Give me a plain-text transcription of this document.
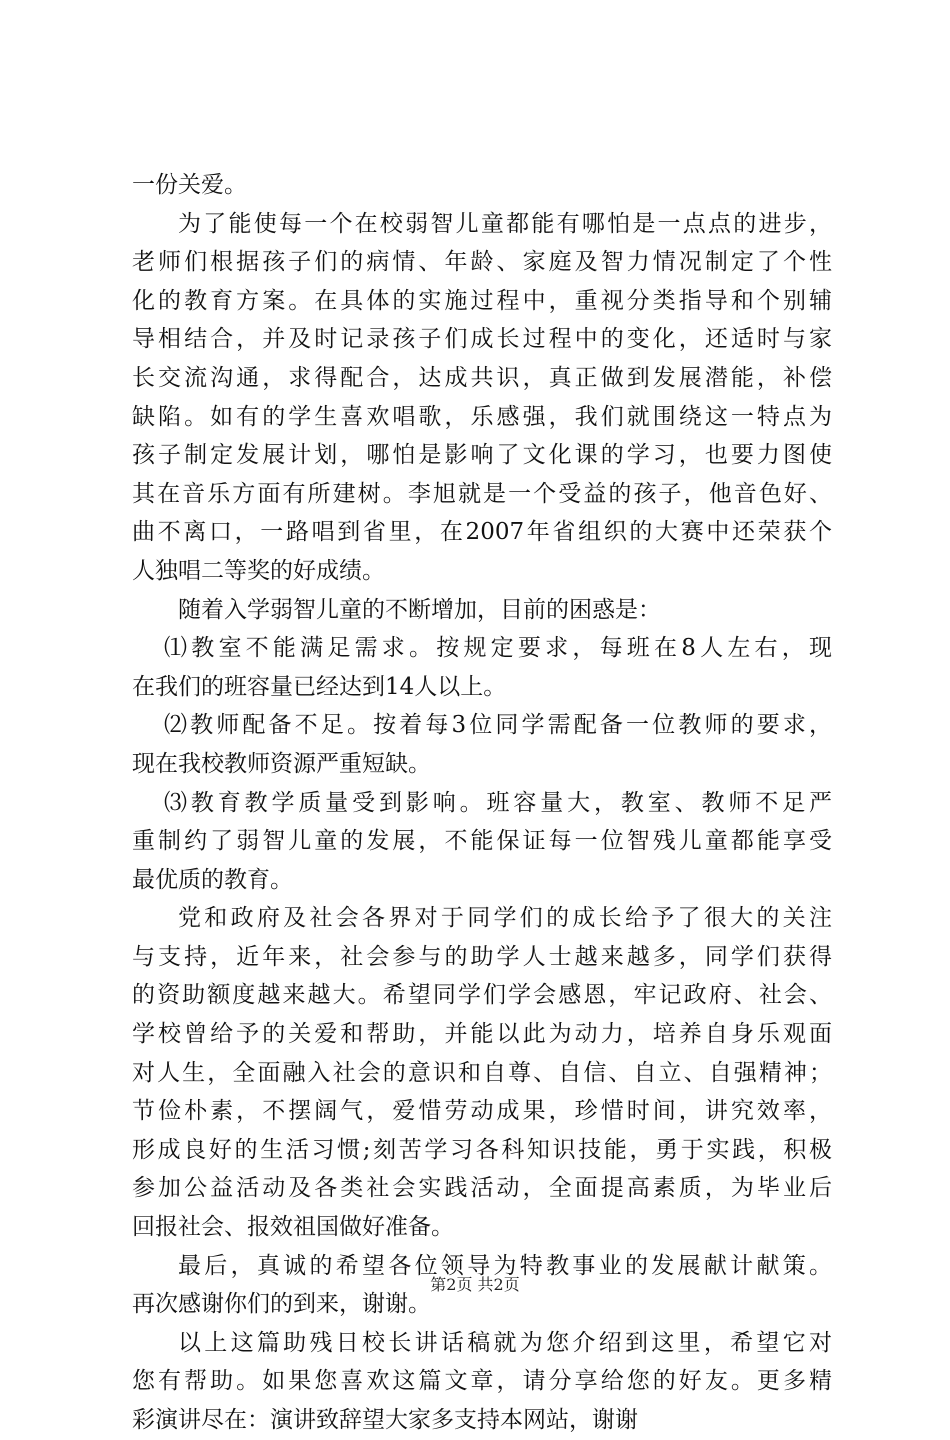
一份关爱。
为了能使每一个在校弱智儿童都能有哪怕是一点点的进步，
老师们根据孩子们的病情、年龄、家庭及智力情况制定了个性
化的教育方案。在具体的实施过程中，重视分类指导和个别辅
导相结合，并及时记录孩子们成长过程中的变化，还适时与家
长交流沟通，求得配合，达成共识，真正做到发展潜能，补偿
缺陷。如有的学生喜欢唱歌，乐感强，我们就围绕这一特点为
孩子制定发展计划，哪怕是影响了文化课的学习，也要力图使
其在音乐方面有所建树。李旭就是一个受益的孩子，他音色好、
曲不离口，一路唱到省里，在2007年省组织的大赛中还荣获个
人独唱二等奖的好成绩。
随着入学弱智儿童的不断增加，目前的困惑是：
⑴教室不能满足需求。按规定要求，每班在8人左右，现
在我们的班容量已经达到14人以上。
⑵教师配备不足。按着每3位同学需配备一位教师的要求，
现在我校教师资源严重短缺。
⑶教育教学质量受到影响。班容量大，教室、教师不足严
重制约了弱智儿童的发展，不能保证每一位智残儿童都能享受
最优质的教育。
党和政府及社会各界对于同学们的成长给予了很大的关注
与支持，近年来，社会参与的助学人士越来越多，同学们获得
的资助额度越来越大。希望同学们学会感恩，牢记政府、社会、
学校曾给予的关爱和帮助，并能以此为动力，培养自身乐观面
对人生，全面融入社会的意识和自尊、自信、自立、自强精神；
节俭朴素，不摆阔气，爱惜劳动成果，珍惜时间，讲究效率，
形成良好的生活习惯;刻苦学习各科知识技能，勇于实践，积极
参加公益活动及各类社会实践活动，全面提高素质，为毕业后
回报社会、报效祖国做好准备。
最后，真诚的希望各位领导为特教事业的发展献计献策。
再次感谢你们的到来，谢谢。
以上这篇助残日校长讲话稿就为您介绍到这里，希望它对
您有帮助。如果您喜欢这篇文章，请分享给您的好友。更多精
彩演讲尽在：演讲致辞望大家多支持本网站，谢谢
第2页 共2页
